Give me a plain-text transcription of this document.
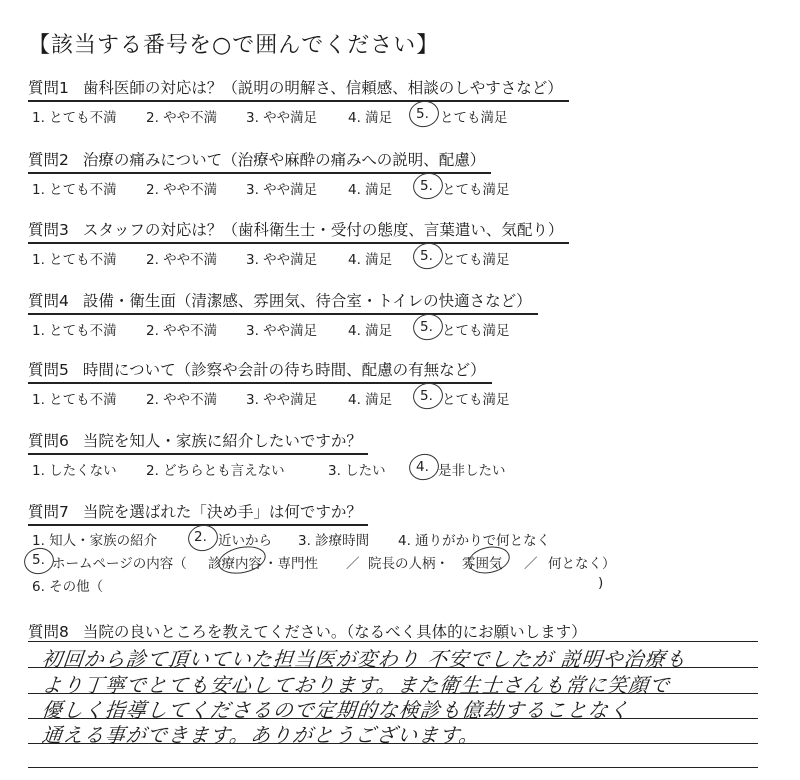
【該当する番号を○で囲んでください】
質問1 歯科医師の対応は？（説明の明解さ、信頼感、相談のしやすさなど）
1. とても不満 2. やや不満 3. やや満足 4. 満足 5. とても満足
質問2 治療の痛みについて（治療や麻酔の痛みへの説明、配慮）
1. とても不満 2. やや不満 3. やや満足 4. 満足 5. とても満足
質問3 スタッフの対応は？（歯科衛生士・受付の態度、言葉遣い、気配り）
1. とても不満 2. やや不満 3. やや満足 4. 満足 5. とても満足
質問4 設備・衛生面（清潔感、雰囲気、待合室・トイレの快適さなど）
1. とても不満 2. やや不満 3. やや満足 4. 満足 5. とても満足
質問5 時間について（診察や会計の待ち時間、配慮の有無など）
1. とても不満 2. やや不満 3. やや満足 4. 満足 5. とても満足
質問6 当院を知人・家族に紹介したいですか？
1. したくない 2. どちらとも言えない	3. したい 4. 是非したい
質問7 当院を選ばれた「決め手」は何ですか？
1. 知人・家族の紹介	2. 近いから 3. 診療時間 4. 通りがかりで何となく
5. ホームページの内容（ 診療内容 ・専門性 ／ 院長の人柄・ 雰囲気 ／ 何となく）
6. その他（	)
質問8 当院の良いところを教えてください。（なるべく具体的にお願いします）
初回から診て頂いていた担当医が変わり 不安でしたが 説明や治療も
より丁寧でとても安心しております。また衛生士さんも常に笑顔で
優しく指導してくださるので定期的な検診も億劫することなく
通える事ができます。ありがとうございます。
